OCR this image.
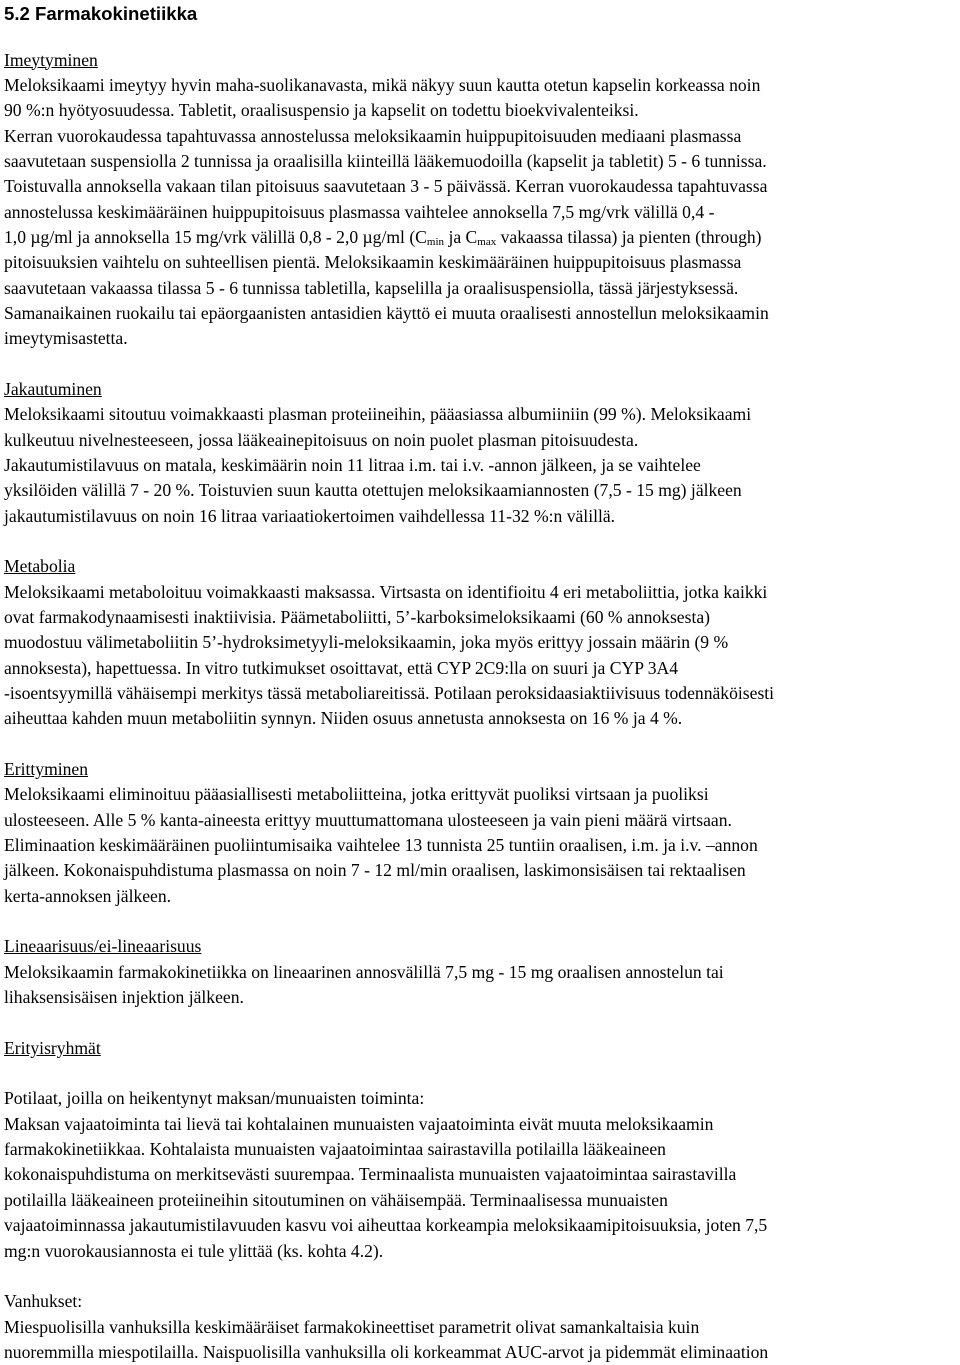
5.2 Farmakokinetiikka
Imeytyminen
Meloksikaami imeytyy hyvin maha-suolikanavasta, mikä näkyy suun kautta otetun kapselin korkeassa noin
90 %:n hyötyosuudessa. Tabletit, oraalisuspensio ja kapselit on todettu bioekvivalenteiksi.
Kerran vuorokaudessa tapahtuvassa annostelussa meloksikaamin huippupitoisuuden mediaani plasmassa
saavutetaan suspensiolla 2 tunnissa ja oraalisilla kiinteillä lääkemuodoilla (kapselit ja tabletit) 5 - 6 tunnissa.
Toistuvalla annoksella vakaan tilan pitoisuus saavutetaan 3 - 5 päivässä. Kerran vuorokaudessa tapahtuvassa
annostelussa keskimääräinen huippupitoisuus plasmassa vaihtelee annoksella 7,5 mg/vrk välillä 0,4 -
1,0 µg/ml ja annoksella 15 mg/vrk välillä 0,8 - 2,0 µg/ml ($C_{min}$ ja $C_{max}$ vakaassa tilassa) ja pienten (through)
pitoisuuksien vaihtelu on suhteellisen pientä. Meloksikaamin keskimääräinen huippupitoisuus plasmassa
saavutetaan vakaassa tilassa 5 - 6 tunnissa tabletilla, kapselilla ja oraalisuspensiolla, tässä järjestyksessä.
Samanaikainen ruokailu tai epäorgaanisten antasidien käyttö ei muuta oraalisesti annostellun meloksikaamin
imeytymisastetta.
Jakautuminen
Meloksikaami sitoutuu voimakkaasti plasman proteiineihin, pääasiassa albumiiniin (99 %). Meloksikaami
kulkeutuu nivelnesteeseen, jossa lääkeainepitoisuus on noin puolet plasman pitoisuudesta.
Jakautumistilavuus on matala, keskimäärin noin 11 litraa i.m. tai i.v. -annon jälkeen, ja se vaihtelee
yksilöiden välillä 7 - 20 %. Toistuvien suun kautta otettujen meloksikaamiannosten (7,5 - 15 mg) jälkeen
jakautumistilavuus on noin 16 litraa variaatiokertoimen vaihdellessa 11-32 %:n välillä.
Metabolia
Meloksikaami metaboloituu voimakkaasti maksassa. Virtsasta on identifioitu 4 eri metaboliittia, jotka kaikki
ovat farmakodynaamisesti inaktiivisia. Päämetaboliitti, 5’-karboksimeloksikaami (60 % annoksesta)
muodostuu välimetaboliitin 5’-hydroksimetyyli-meloksikaamin, joka myös erittyy jossain määrin (9 %
annoksesta), hapettuessa. In vitro tutkimukset osoittavat, että CYP 2C9:lla on suuri ja CYP 3A4
-isoentsyymillä vähäisempi merkitys tässä metaboliareitissä. Potilaan peroksidaasiaktiivisuus todennäköisesti
aiheuttaa kahden muun metaboliitin synnyn. Niiden osuus annetusta annoksesta on 16 % ja 4 %.
Erittyminen
Meloksikaami eliminoituu pääasiallisesti metaboliitteina, jotka erittyvät puoliksi virtsaan ja puoliksi
ulosteeseen. Alle 5 % kanta-aineesta erittyy muuttumattomana ulosteeseen ja vain pieni määrä virtsaan.
Eliminaation keskimääräinen puoliintumisaika vaihtelee 13 tunnista 25 tuntiin oraalisen, i.m. ja i.v. –annon
jälkeen. Kokonaispuhdistuma plasmassa on noin 7 - 12 ml/min oraalisen, laskimonsisäisen tai rektaalisen
kerta-annoksen jälkeen.
Lineaarisuus/ei-lineaarisuus
Meloksikaamin farmakokinetiikka on lineaarinen annosvälillä 7,5 mg - 15 mg oraalisen annostelun tai
lihaksensisäisen injektion jälkeen.
Erityisryhmät
Potilaat, joilla on heikentynyt maksan/munuaisten toiminta:
Maksan vajaatoiminta tai lievä tai kohtalainen munuaisten vajaatoiminta eivät muuta meloksikaamin
farmakokinetiikkaa. Kohtalaista munuaisten vajaatoimintaa sairastavilla potilailla lääkeaineen
kokonaispuhdistuma on merkitsevästi suurempaa. Terminaalista munuaisten vajaatoimintaa sairastavilla
potilailla lääkeaineen proteiineihin sitoutuminen on vähäisempää. Terminaalisessa munuaisten
vajaatoiminnassa jakautumistilavuuden kasvu voi aiheuttaa korkeampia meloksikaamipitoisuuksia, joten 7,5
mg:n vuorokausiannosta ei tule ylittää (ks. kohta 4.2).
Vanhukset:
Miespuolisilla vanhuksilla keskimääräiset farmakokineettiset parametrit olivat samankaltaisia kuin
nuoremmilla miespotilailla. Naispuolisilla vanhuksilla oli korkeammat AUC-arvot ja pidemmät eliminaation
